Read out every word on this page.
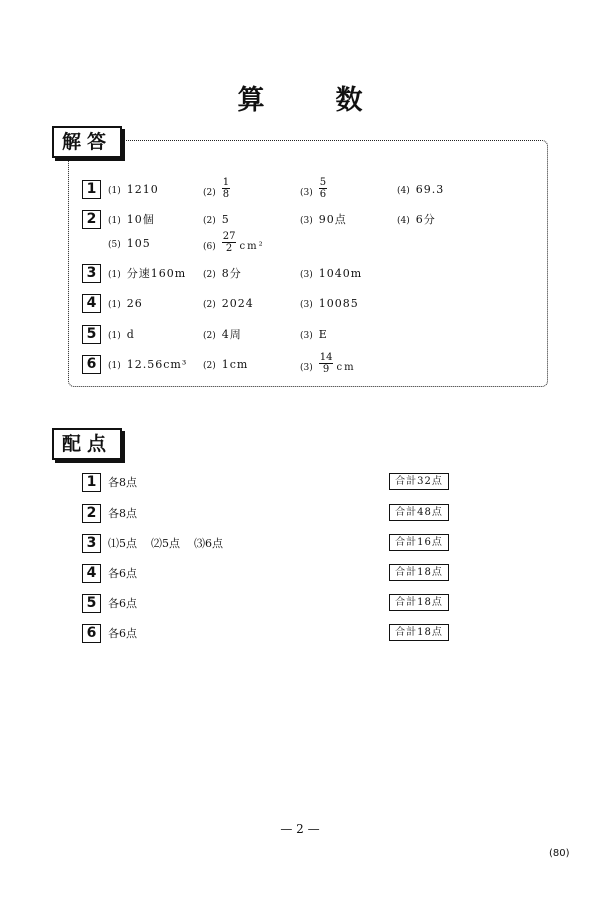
算　数
解答
1	(1) 1210	$(2) \frac{1}{8}$	$(3) \frac{5}{6}$	(4) 69.3
2	(1) 10個	(2) 5	(3) 90点	(4) 6分
(5) 105	$(6) \frac{27}{2} cm^2$
3	(1) 分速160m (2) 8分	(3) 1040m
4	(1) 26	(2) 2024	(3) 10085
5	(1) d	(2) 4周	(3) E
6	(1) 12.56cm³ (2) 1cm	$(3) \frac{14}{9}$ cm
配点
1	各8点	合計32点
2	各8点	合計48点
3	⑴5点 ⑵5点 ⑶6点	合計16点
4	各6点	合計18点
5	各6点	合計18点
6	各6点	合計18点
— 2 —
(80)
